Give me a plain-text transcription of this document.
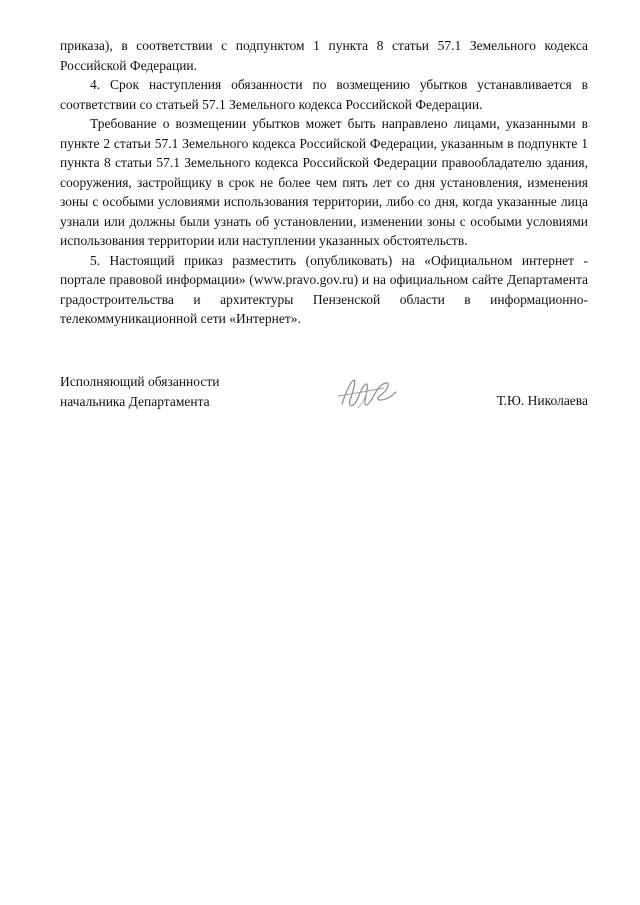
приказа), в соответствии с подпунктом 1 пункта 8 статьи 57.1 Земельного кодекса Российской Федерации.

4. Срок наступления обязанности по возмещению убытков устанавливается в соответствии со статьей 57.1 Земельного кодекса Российской Федерации.

Требование о возмещении убытков может быть направлено лицами, указанными в пункте 2 статьи 57.1 Земельного кодекса Российской Федерации, указанным в подпункте 1 пункта 8 статьи 57.1 Земельного кодекса Российской Федерации правообладателю здания, сооружения, застройщику в срок не более чем пять лет со дня установления, изменения зоны с особыми условиями использования территории, либо со дня, когда указанные лица узнали или должны были узнать об установлении, изменении зоны с особыми условиями использования территории или наступлении указанных обстоятельств.

5. Настоящий приказ разместить (опубликовать) на «Официальном интернет - портале правовой информации» (www.pravo.gov.ru) и на официальном сайте Департамента градостроительства и архитектуры Пензенской области в информационно-телекоммуникационной сети «Интернет».

Исполняющий обязанности
начальника Департамента	Т.Ю. Николаева
